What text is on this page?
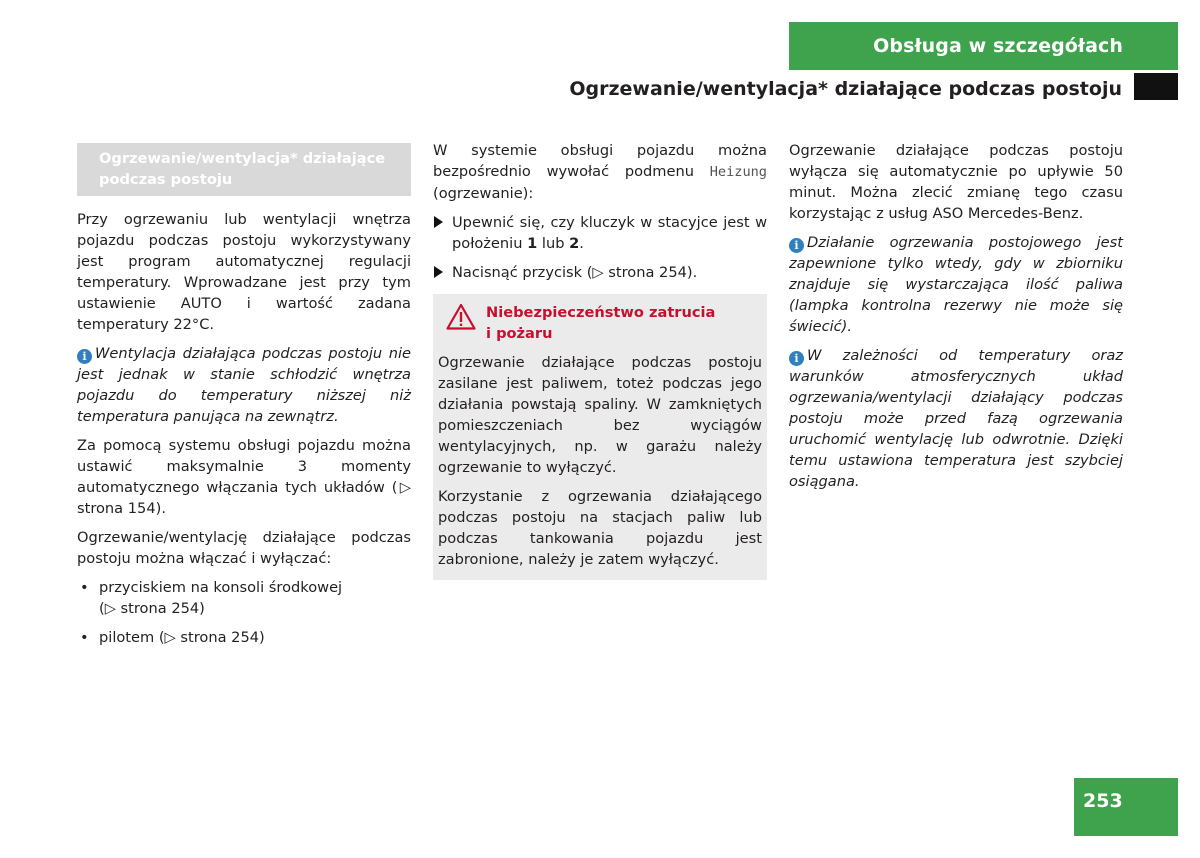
Obsługa w szczegółach
Ogrzewanie/wentylacja* działające podczas postoju
Ogrzewanie/wentylacja* działające
podczas postoju

Przy ogrzewaniu lub wentylacji wnętrza pojazdu podczas postoju wykorzystywany jest program automatycznej regulacji temperatury. Wprowadzane jest przy tym ustawienie AUTO i wartość zadana temperatury 22°C.

i Wentylacja działająca podczas postoju nie jest jednak w stanie schłodzić wnętrza pojazdu do temperatury niższej niż temperatura panująca na zewnątrz.

Za pomocą systemu obsługi pojazdu można ustawić maksymalnie 3 momenty automatycznego włączania tych układów (▷ strona 154).

Ogrzewanie/wentylację działające podczas postoju można włączać i wyłączać:

• przyciskiem na konsoli środkowej
(▷ strona 254)
• pilotem (▷ strona 254)

W systemie obsługi pojazdu można bezpośrednio wywołać podmenu Heizung (ogrzewanie):

Upewnić się, czy kluczyk w stacyjce jest w położeniu 1 lub 2.
Nacisnąć przycisk (▷ strona 254).
Niebezpieczeństwo zatrucia
i pożaru

Ogrzewanie działające podczas postoju zasilane jest paliwem, toteż podczas jego działania powstają spaliny. W zamkniętych pomieszczeniach bez wyciągów wentylacyjnych, np. w garażu należy ogrzewanie to wyłączyć.

Korzystanie z ogrzewania działającego podczas postoju na stacjach paliw lub podczas tankowania pojazdu jest zabronione, należy je zatem wyłączyć.

Ogrzewanie działające podczas postoju wyłącza się automatycznie po upływie 50 minut. Można zlecić zmianę tego czasu korzystając z usług ASO Mercedes-Benz.

i Działanie ogrzewania postojowego jest zapewnione tylko wtedy, gdy w zbiorniku znajduje się wystarczająca ilość paliwa (lampka kontrolna rezerwy nie może się świecić).

i W zależności od temperatury oraz warunków atmosferycznych układ ogrzewania/wentylacji działający podczas postoju może przed fazą ogrzewania uruchomić wentylację lub odwrotnie. Dzięki temu ustawiona temperatura jest szybciej osiągana.

253
